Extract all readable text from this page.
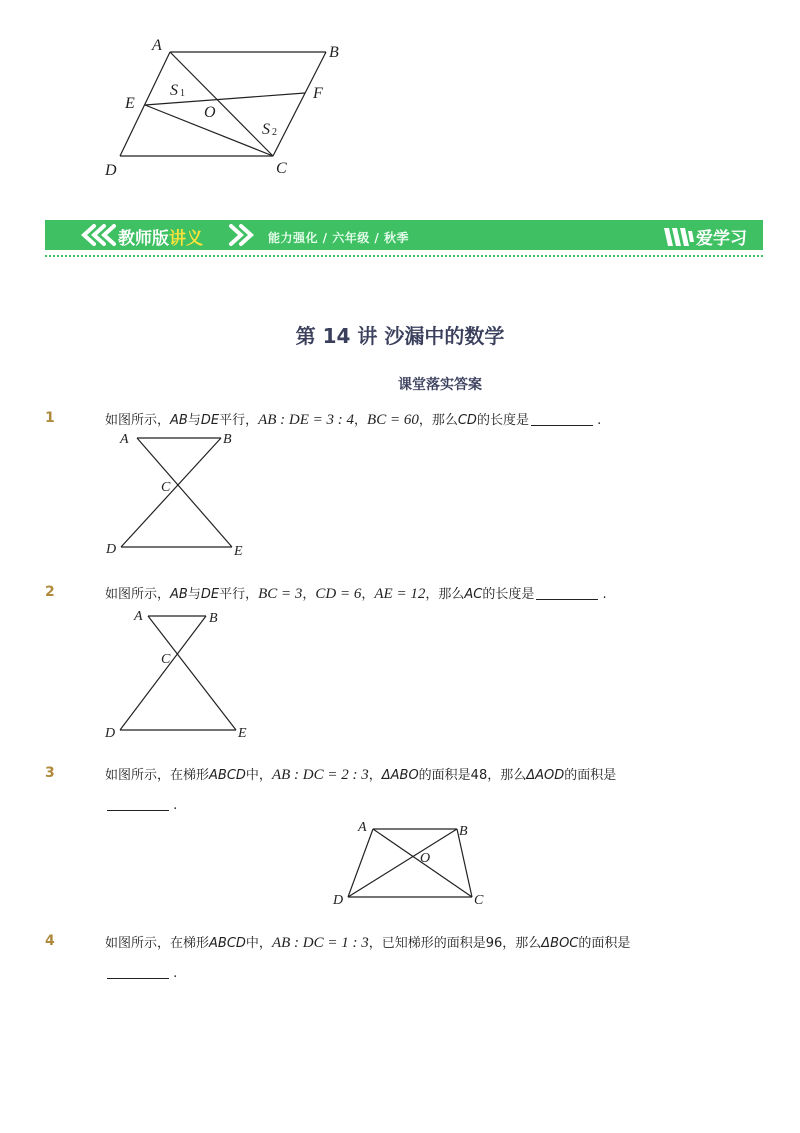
A	B
E
F
O
D	C
S 1
S 2
教师版讲义	能力强化 / 六年级 / 秋季	爱学习
第 14 讲 沙漏中的数学
课堂落实答案
1	如图所示，AB与DE平行，AB : DE = 3 : 4，BC = 60，那么CD的长度是	.
A	B
C
D	E
2	如图所示，AB与DE平行，BC = 3，CD = 6，AE = 12，那么AC的长度是	.
A	B
C
D	E
3	如图所示，在梯形ABCD中，AB : DC = 2 : 3，ΔABO的面积是48，那么ΔAOD的面积是
.
A	B
O
D	C
4	如图所示，在梯形ABCD中，AB : DC = 1 : 3，已知梯形的面积是96，那么ΔBOC的面积是
.
